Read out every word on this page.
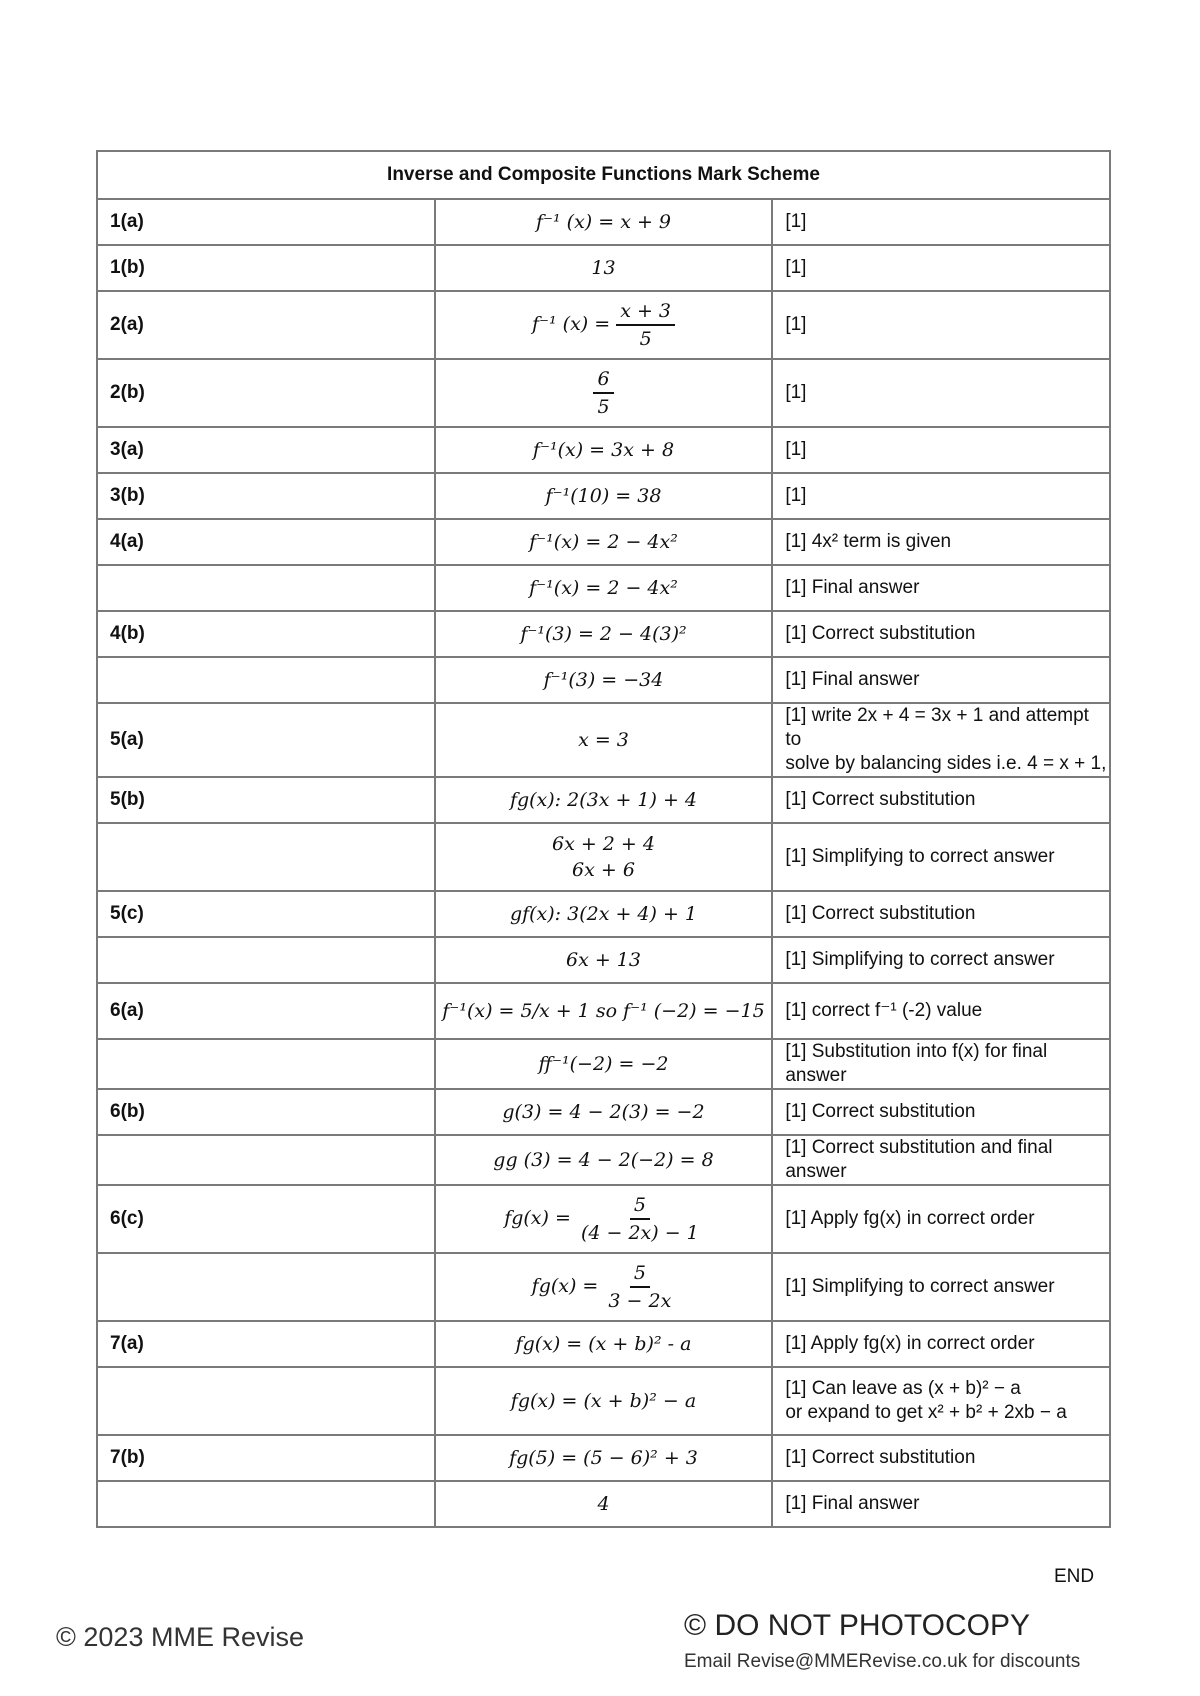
Inverse and Composite Functions Mark Scheme		
1(a)	f⁻¹ (x) = x + 9	[1]
1(b)	13	[1]
2(a)	f⁻¹ $(x) = \frac{x + 3}{5}$	[1]
2(b)	$\frac{6}{5}$	[1]
3(a)	f⁻¹(x) = 3x + 8	[1]
3(b)	f⁻¹(10) = 38	[1]
4(a)	f⁻¹(x) = 2 − 4x²	[1] 4x² term is given
	f⁻¹(x) = 2 − 4x²	[1] Final answer
4(b)	f⁻¹(3) = 2 − 4(3)²	[1] Correct substitution
	f⁻¹(3) = −34	[1] Final answer
5(a)	x = 3	[1] write 2x + 4 = 3x + 1 and attempt to
solve by balancing sides i.e. 4 = x + 1,

5(b)	fg(x): 2(3x + 1) + 4	[1] Correct substitution

	6x + 2 + 4
6x + 6	[1] Simplifying to correct answer
5(c)	gf(x): 3(2x + 4) + 1	[1] Correct substitution
	6x + 13	[1] Simplifying to correct answer
6(a)	f⁻¹(x) = 5/x + 1 so f⁻¹ (−2) = −15	[1] correct f⁻¹ (-2) value
	ff⁻¹(−2) = −2	[1] Substitution into f(x) for final answer
6(b)	g(3) = 4 − 2(3) = −2	[1] Correct substitution
	gg (3) = 4 − 2(−2) = 8	[1] Correct substitution and final answer
6(c)	$fg(x) = \frac{5}{(4 - 2x) - 1}$	[1] Apply fg(x) in correct order
	$fg(x) = \frac{5}{3 - 2x}$	[1] Simplifying to correct answer
7(a)	fg(x) = (x + b)² - a	[1] Apply fg(x) in correct order
	fg(x) = (x + b)² − a	[1] Can leave as (x + b)² − a
or expand to get x² + b² + 2xb − a

7(b)	fg(5) = (5 − 6)² + 3	[1] Correct substitution
	4	[1] Final answer
END
© 2023 MME Revise	© DO NOT PHOTOCOPY
Email Revise@MMERevise.co.uk for discounts
